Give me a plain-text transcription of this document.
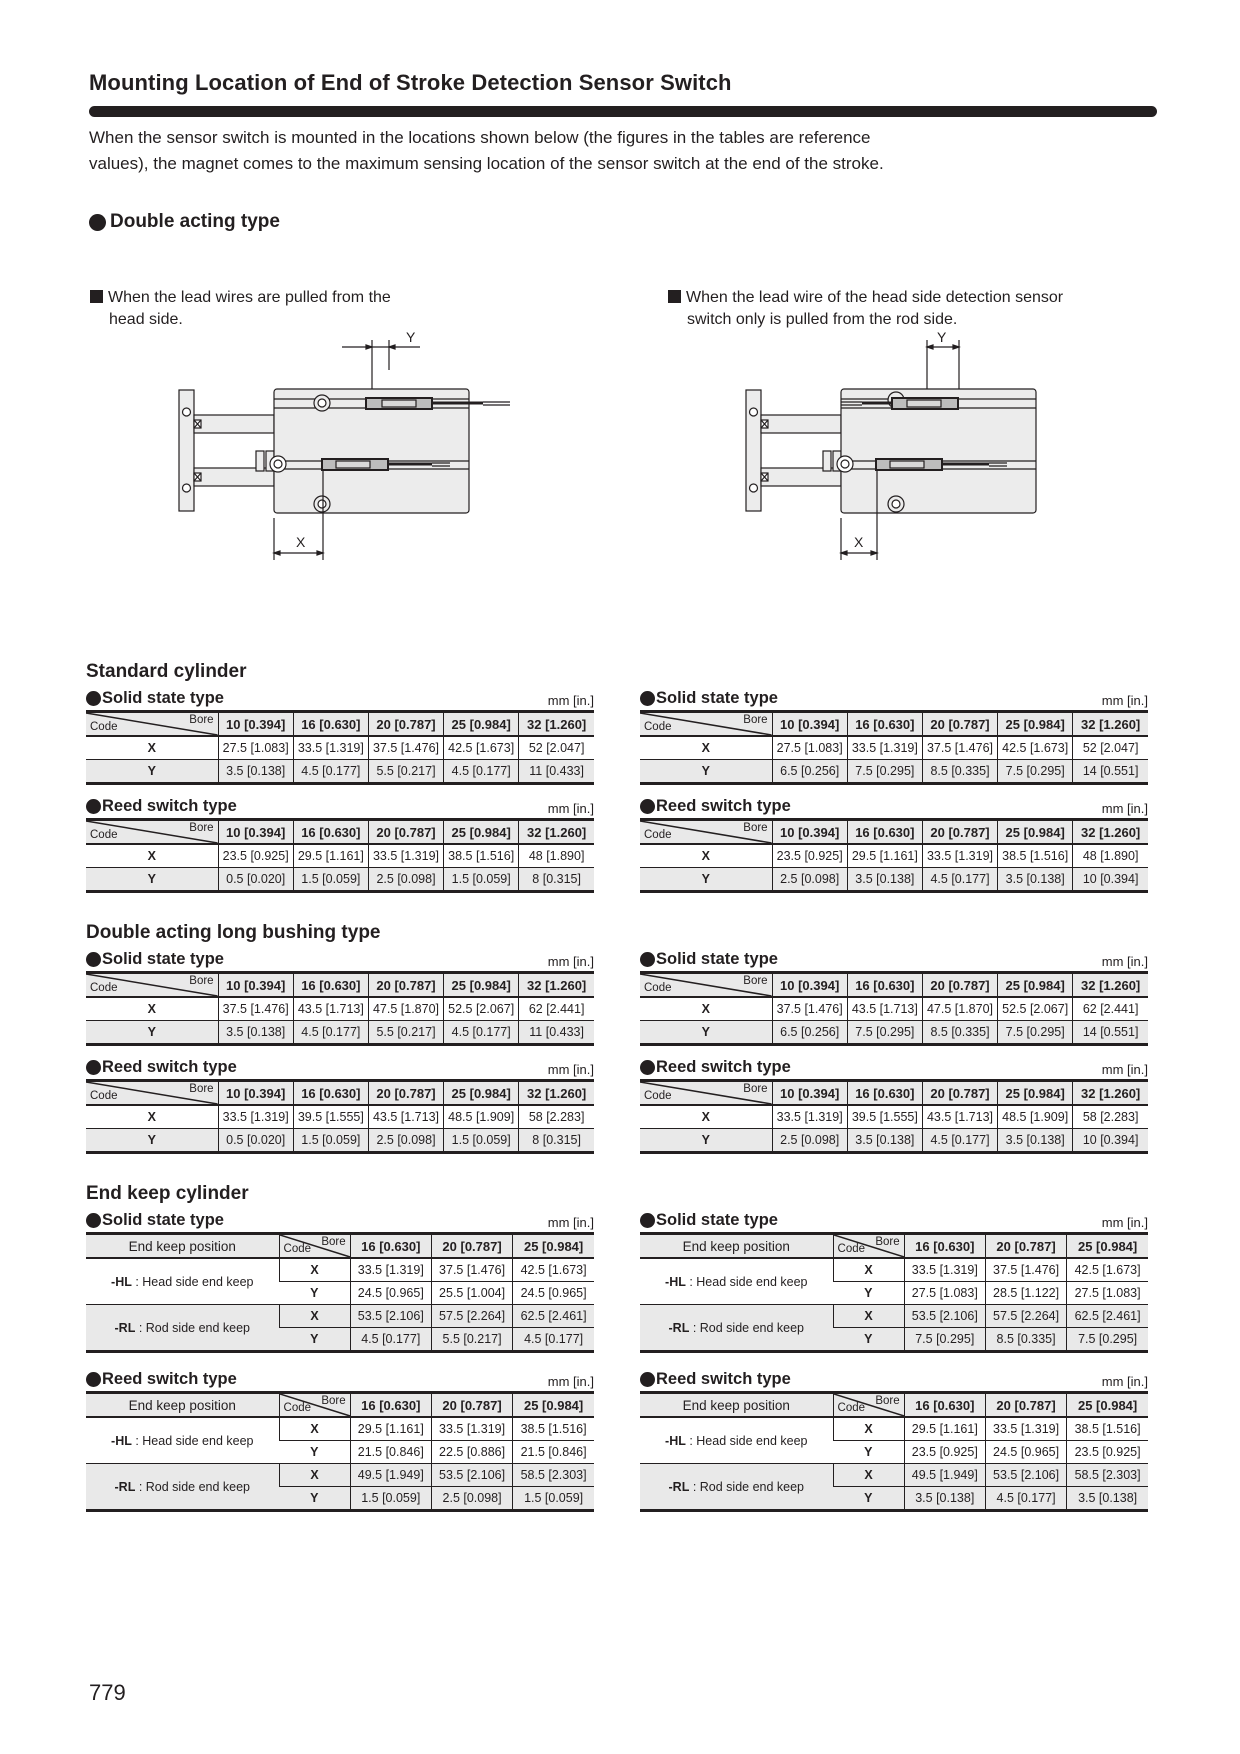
Mounting Location of End of Stroke Detection Sensor Switch
When the sensor switch is mounted in the locations shown below (the figures in the tables are reference
values), the magnet comes to the maximum sensing location of the sensor switch at the end of the stroke.
Double acting type
When the lead wires are pulled from the
head side.
When the lead wire of the head side detection sensor
switch only is pulled from the rod side.
X
Y
X
Y
Standard cylinder
Double acting long bushing type
End keep cylinder
Solid state type	mm [in.]
Code
Bore	10 [0.394]	16 [0.630]	20 [0.787]	25 [0.984]	32 [1.260]
X	27.5 [1.083]	33.5 [1.319]	37.5 [1.476]	42.5 [1.673]	52 [2.047]
Y	3.5 [0.138]	4.5 [0.177]	5.5 [0.217]	4.5 [0.177]	11 [0.433]
Solid state type	mm [in.]
Code
Bore	10 [0.394]	16 [0.630]	20 [0.787]	25 [0.984]	32 [1.260]
X	27.5 [1.083]	33.5 [1.319]	37.5 [1.476]	42.5 [1.673]	52 [2.047]
Y	6.5 [0.256]	7.5 [0.295]	8.5 [0.335]	7.5 [0.295]	14 [0.551]
Reed switch type	mm [in.]
Code
Bore	10 [0.394]	16 [0.630]	20 [0.787]	25 [0.984]	32 [1.260]
X	23.5 [0.925]	29.5 [1.161]	33.5 [1.319]	38.5 [1.516]	48 [1.890]
Y	0.5 [0.020]	1.5 [0.059]	2.5 [0.098]	1.5 [0.059]	8 [0.315]
Reed switch type	mm [in.]
Code
Bore	10 [0.394]	16 [0.630]	20 [0.787]	25 [0.984]	32 [1.260]
X	23.5 [0.925]	29.5 [1.161]	33.5 [1.319]	38.5 [1.516]	48 [1.890]
Y	2.5 [0.098]	3.5 [0.138]	4.5 [0.177]	3.5 [0.138]	10 [0.394]
Solid state type	mm [in.]
Code
Bore	10 [0.394]	16 [0.630]	20 [0.787]	25 [0.984]	32 [1.260]
X	37.5 [1.476]	43.5 [1.713]	47.5 [1.870]	52.5 [2.067]	62 [2.441]
Y	3.5 [0.138]	4.5 [0.177]	5.5 [0.217]	4.5 [0.177]	11 [0.433]
Solid state type	mm [in.]
Code
Bore	10 [0.394]	16 [0.630]	20 [0.787]	25 [0.984]	32 [1.260]
X	37.5 [1.476]	43.5 [1.713]	47.5 [1.870]	52.5 [2.067]	62 [2.441]
Y	6.5 [0.256]	7.5 [0.295]	8.5 [0.335]	7.5 [0.295]	14 [0.551]
Reed switch type	mm [in.]
Code
Bore	10 [0.394]	16 [0.630]	20 [0.787]	25 [0.984]	32 [1.260]
X	33.5 [1.319]	39.5 [1.555]	43.5 [1.713]	48.5 [1.909]	58 [2.283]
Y	0.5 [0.020]	1.5 [0.059]	2.5 [0.098]	1.5 [0.059]	8 [0.315]
Reed switch type	mm [in.]
Code
Bore	10 [0.394]	16 [0.630]	20 [0.787]	25 [0.984]	32 [1.260]
X	33.5 [1.319]	39.5 [1.555]	43.5 [1.713]	48.5 [1.909]	58 [2.283]
Y	2.5 [0.098]	3.5 [0.138]	4.5 [0.177]	3.5 [0.138]	10 [0.394]
Solid state type	mm [in.]
End keep position	Code
Bore	16 [0.630]	20 [0.787]	25 [0.984]
-HL : Head side end keep	X	33.5 [1.319]	37.5 [1.476]	42.5 [1.673]
	Y	24.5 [0.965]	25.5 [1.004]	24.5 [0.965]
-RL : Rod side end keep	X	53.5 [2.106]	57.5 [2.264]	62.5 [2.461]
	Y	4.5 [0.177]	5.5 [0.217]	4.5 [0.177]
Solid state type	mm [in.]
End keep position	Code
Bore	16 [0.630]	20 [0.787]	25 [0.984]
-HL : Head side end keep	X	33.5 [1.319]	37.5 [1.476]	42.5 [1.673]
	Y	27.5 [1.083]	28.5 [1.122]	27.5 [1.083]
-RL : Rod side end keep	X	53.5 [2.106]	57.5 [2.264]	62.5 [2.461]
	Y	7.5 [0.295]	8.5 [0.335]	7.5 [0.295]
Reed switch type	mm [in.]
End keep position	Code
Bore	16 [0.630]	20 [0.787]	25 [0.984]
-HL : Head side end keep	X	29.5 [1.161]	33.5 [1.319]	38.5 [1.516]
	Y	21.5 [0.846]	22.5 [0.886]	21.5 [0.846]
-RL : Rod side end keep	X	49.5 [1.949]	53.5 [2.106]	58.5 [2.303]
	Y	1.5 [0.059]	2.5 [0.098]	1.5 [0.059]
Reed switch type	mm [in.]
End keep position	Code
Bore	16 [0.630]	20 [0.787]	25 [0.984]
-HL : Head side end keep	X	29.5 [1.161]	33.5 [1.319]	38.5 [1.516]
	Y	23.5 [0.925]	24.5 [0.965]	23.5 [0.925]
-RL : Rod side end keep	X	49.5 [1.949]	53.5 [2.106]	58.5 [2.303]
	Y	3.5 [0.138]	4.5 [0.177]	3.5 [0.138]
779
